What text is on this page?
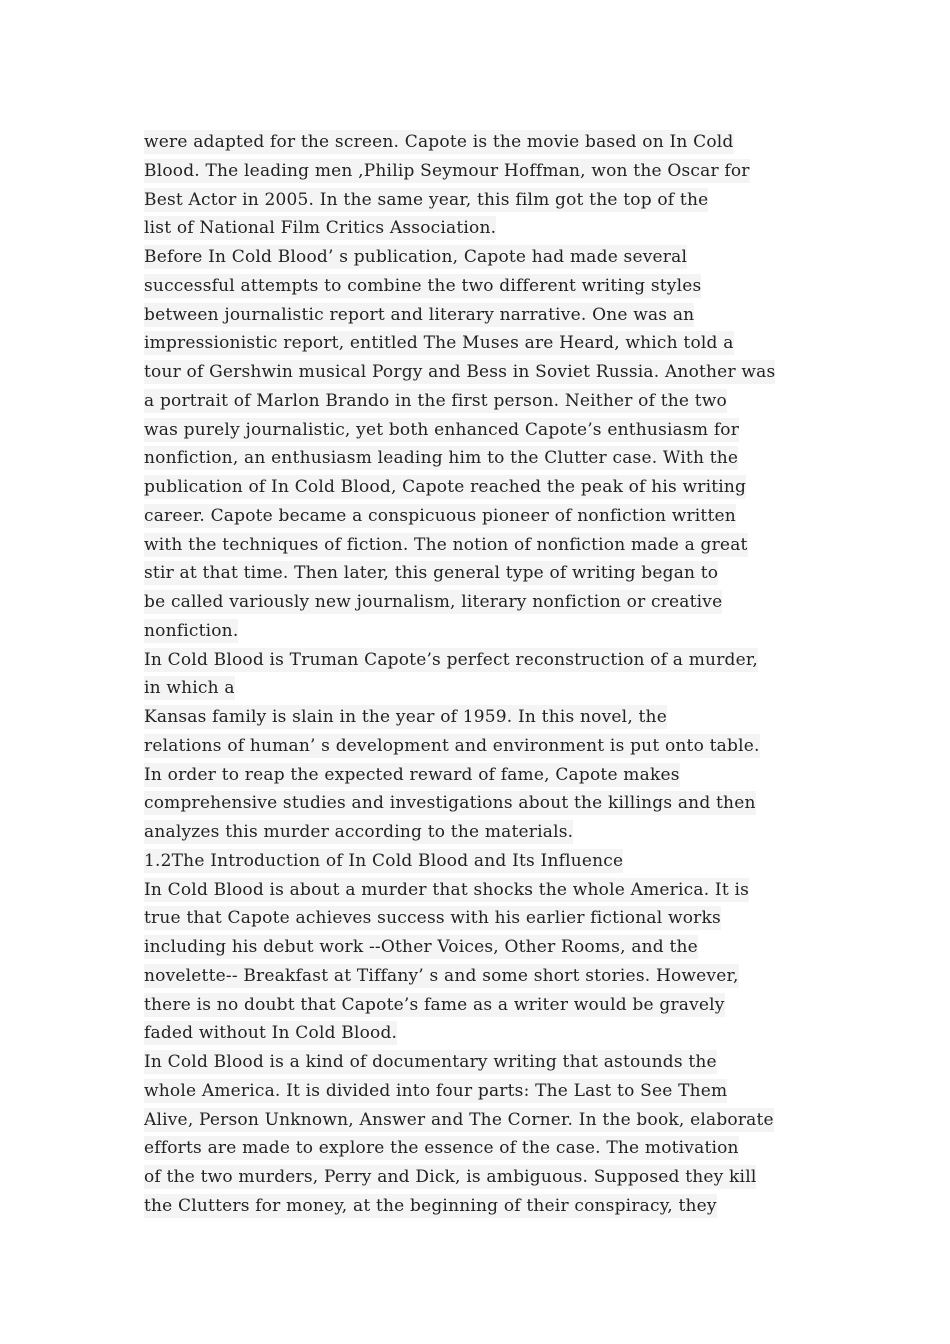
were adapted for the screen. Capote is the movie based on In Cold
Blood. The leading men ,Philip Seymour Hoffman, won the Oscar for
Best Actor in 2005. In the same year, this film got the top of the
list of National Film Critics Association.
Before In Cold Blood’ s publication, Capote had made several
successful attempts to combine the two different writing styles
between journalistic report and literary narrative. One was an
impressionistic report, entitled The Muses are Heard, which told a
tour of Gershwin musical Porgy and Bess in Soviet Russia. Another was
a portrait of Marlon Brando in the first person. Neither of the two
was purely journalistic, yet both enhanced Capote’s enthusiasm for
nonfiction, an enthusiasm leading him to the Clutter case. With the
publication of In Cold Blood, Capote reached the peak of his writing
career. Capote became a conspicuous pioneer of nonfiction written
with the techniques of fiction. The notion of nonfiction made a great
stir at that time. Then later, this general type of writing began to
be called variously new journalism, literary nonfiction or creative
nonfiction.
In Cold Blood is Truman Capote’s perfect reconstruction of a murder,
in which a
Kansas family is slain in the year of 1959. In this novel, the
relations of human’ s development and environment is put onto table.
In order to reap the expected reward of fame, Capote makes
comprehensive studies and investigations about the killings and then
analyzes this murder according to the materials.
1.2The Introduction of In Cold Blood and Its Influence
In Cold Blood is about a murder that shocks the whole America. It is
true that Capote achieves success with his earlier fictional works
including his debut work --Other Voices, Other Rooms, and the
novelette-- Breakfast at Tiffany’ s and some short stories. However,
there is no doubt that Capote’s fame as a writer would be gravely
faded without In Cold Blood.
In Cold Blood is a kind of documentary writing that astounds the
whole America. It is divided into four parts: The Last to See Them
Alive, Person Unknown, Answer and The Corner. In the book, elaborate
efforts are made to explore the essence of the case. The motivation
of the two murders, Perry and Dick, is ambiguous. Supposed they kill
the Clutters for money, at the beginning of their conspiracy, they
